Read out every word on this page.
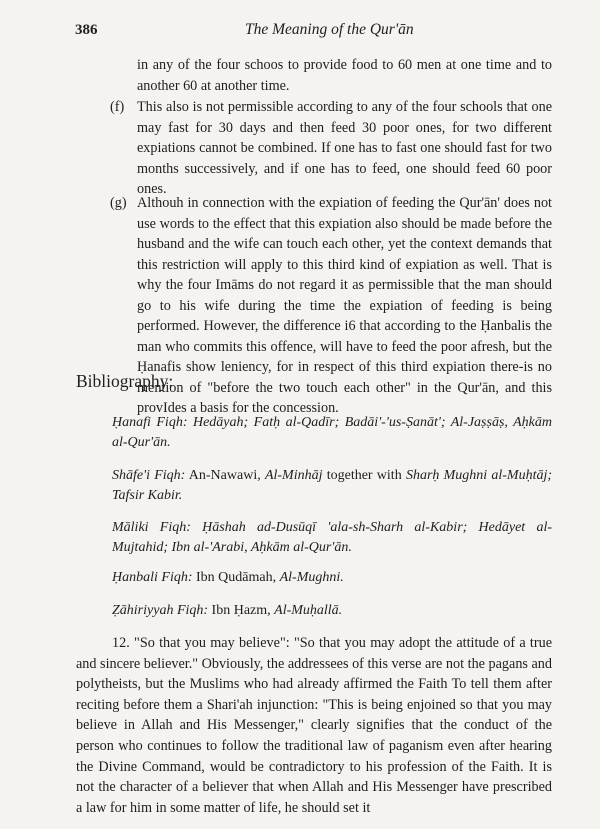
386	The Meaning of the Qur'ān
in any of the four schoos to provide food to 60 men at one time and to another 60 at another time.
(f) This also is not permissible according to any of the four schools that one may fast for 30 days and then feed 30 poor ones, for two different expiations cannot be combined. If one has to fast one should fast for two months successively, and if one has to feed, one should feed 60 poor ones.
(g) Althouh in connection with the expiation of feeding the Qur'ān' does not use words to the effect that this expiation also should be made before the husband and the wife can touch each other, yet the context demands that this restriction will apply to this third kind of expiation as well. That is why the four Imāms do not regard it as permissible that the man should go to his wife during the time the expiation of feeding is being performed. However, the difference i6 that according to the Ḥanbalis the man who commits this offence, will have to feed the poor afresh, but the Ḥanafis show leniency, for in respect of this third expiation there-is no mention of "before the two touch each other" in the Qur'ān, and this provIdes a basis for the concession.
Bibliography:
Ḥanafi Fiqh: Hedāyah; Fatḥ al-Qadīr; Badāi'-'us-Ṣanāt'; Al-Jaṣṣāṣ, Aḥkām al-Qur'ān.
Shāfe'i Fiqh: An-Nawawi, Al-Minhāj together with Sharḥ Mughni al-Muḥtāj; Tafsir Kabir.
Māliki Fiqh: Ḥāshah ad-Dusūqī 'ala-sh-Sharh al-Kabir; Hedāyet al-Mujtahid; Ibn al-'Arabi, Aḥkām al-Qur'ān.
Ḥanbali Fiqh: Ibn Qudāmah, Al-Mughni.
Ẓāhiriyyah Fiqh: Ibn Ḥazm, Al-Muḥallā.
12. "So that you may believe": "So that you may adopt the attitude of a true and sincere believer." Obviously, the addressees of this verse are not the pagans and polytheists, but the Muslims who had already affirmed the Faith To tell them after reciting before them a Shari'ah injunction: "This is being enjoined so that you may believe in Allah and His Messenger," clearly signifies that the conduct of the person who continues to follow the traditional law of paganism even after hearing the Divine Command, would be contradictory to his profession of the Faith. It is not the character of a believer that when Allah and His Messenger have prescribed a law for him in some matter of life, he should set it
